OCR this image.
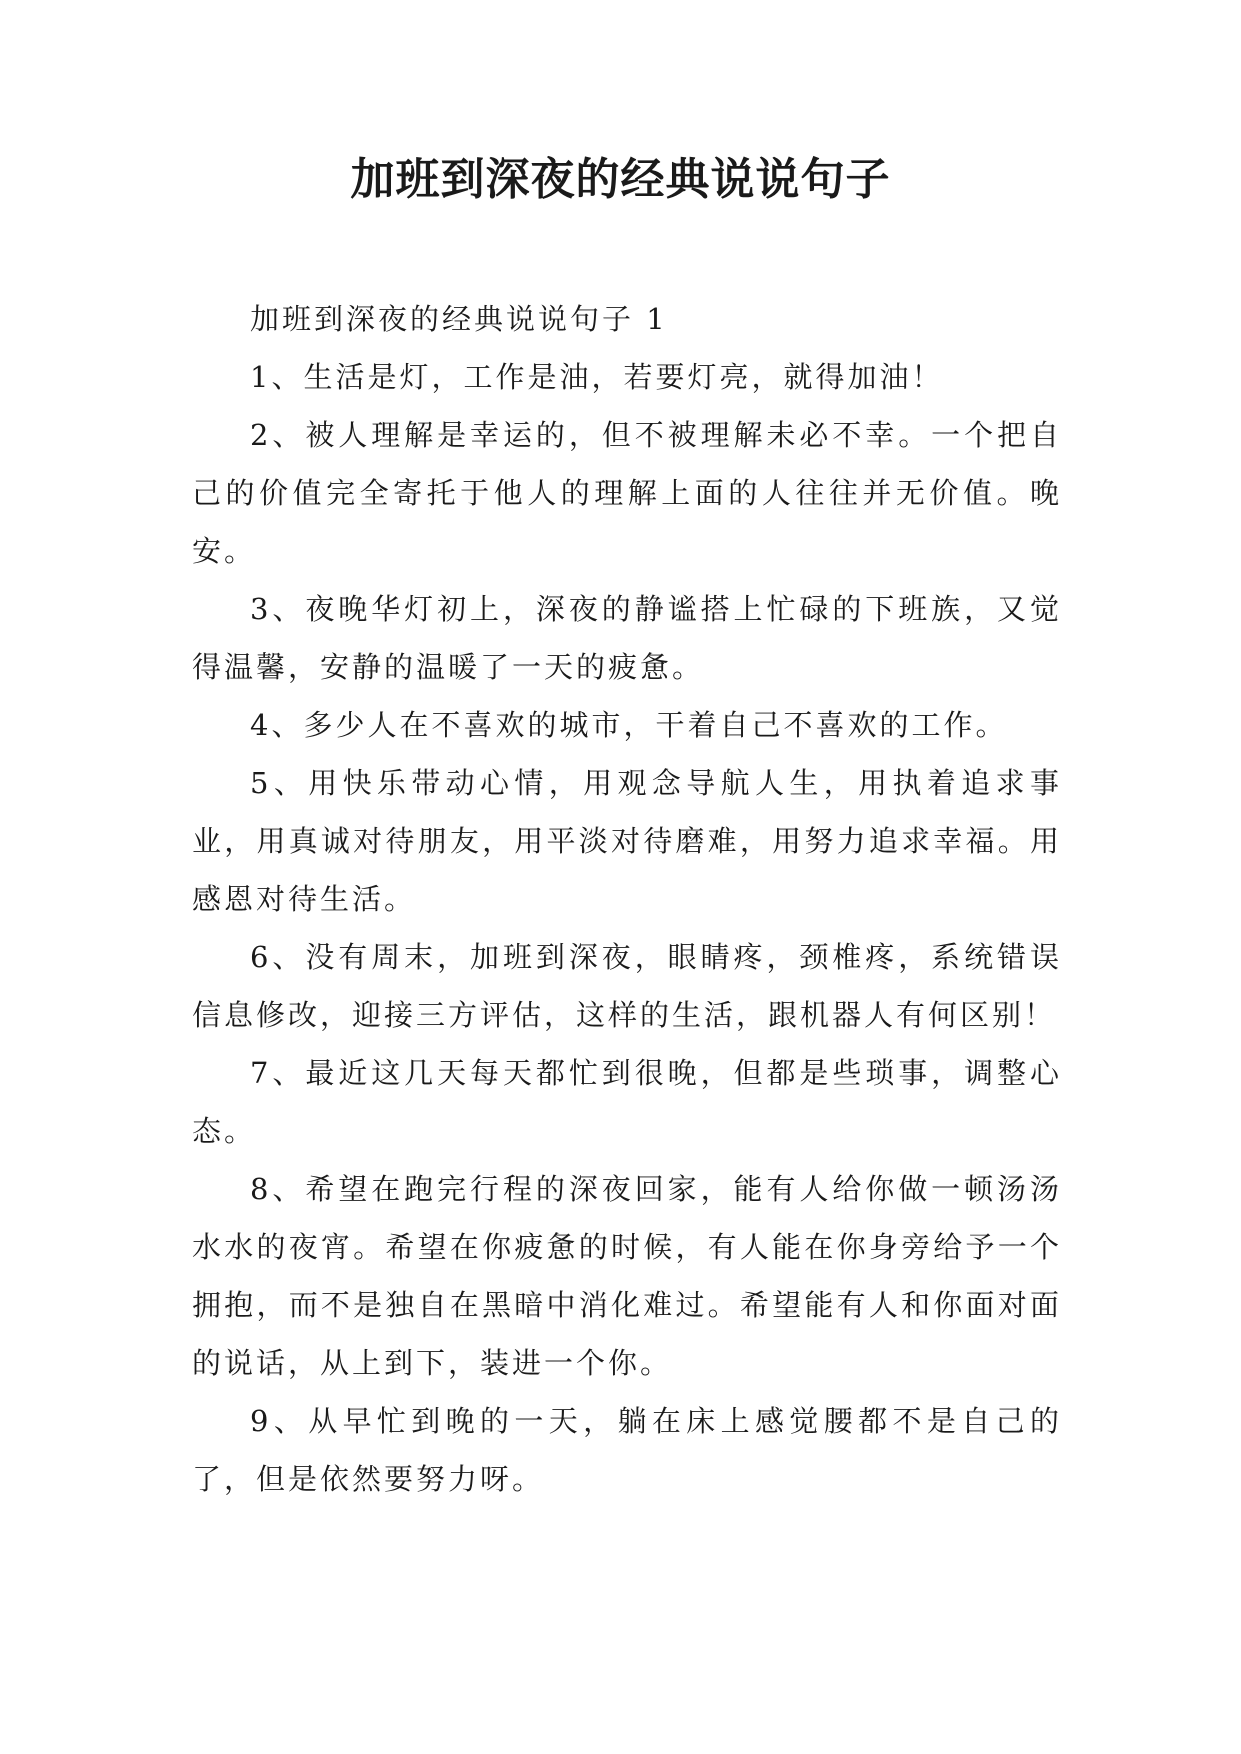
加班到深夜的经典说说句子

加班到深夜的经典说说句子 1

1、生活是灯，工作是油，若要灯亮，就得加油！

2、被人理解是幸运的，但不被理解未必不幸。一个把自己的价值完全寄托于他人的理解上面的人往往并无价值。晚安。

3、夜晚华灯初上，深夜的静谧搭上忙碌的下班族，又觉得温馨，安静的温暖了一天的疲惫。

4、多少人在不喜欢的城市，干着自己不喜欢的工作。

5、用快乐带动心情，用观念导航人生，用执着追求事业，用真诚对待朋友，用平淡对待磨难，用努力追求幸福。用感恩对待生活。

6、没有周末，加班到深夜，眼睛疼，颈椎疼，系统错误信息修改，迎接三方评估，这样的生活，跟机器人有何区别！

7、最近这几天每天都忙到很晚，但都是些琐事，调整心态。

8、希望在跑完行程的深夜回家，能有人给你做一顿汤汤水水的夜宵。希望在你疲惫的时候，有人能在你身旁给予一个拥抱，而不是独自在黑暗中消化难过。希望能有人和你面对面的说话，从上到下，装进一个你。

9、从早忙到晚的一天，躺在床上感觉腰都不是自己的了，但是依然要努力呀。
